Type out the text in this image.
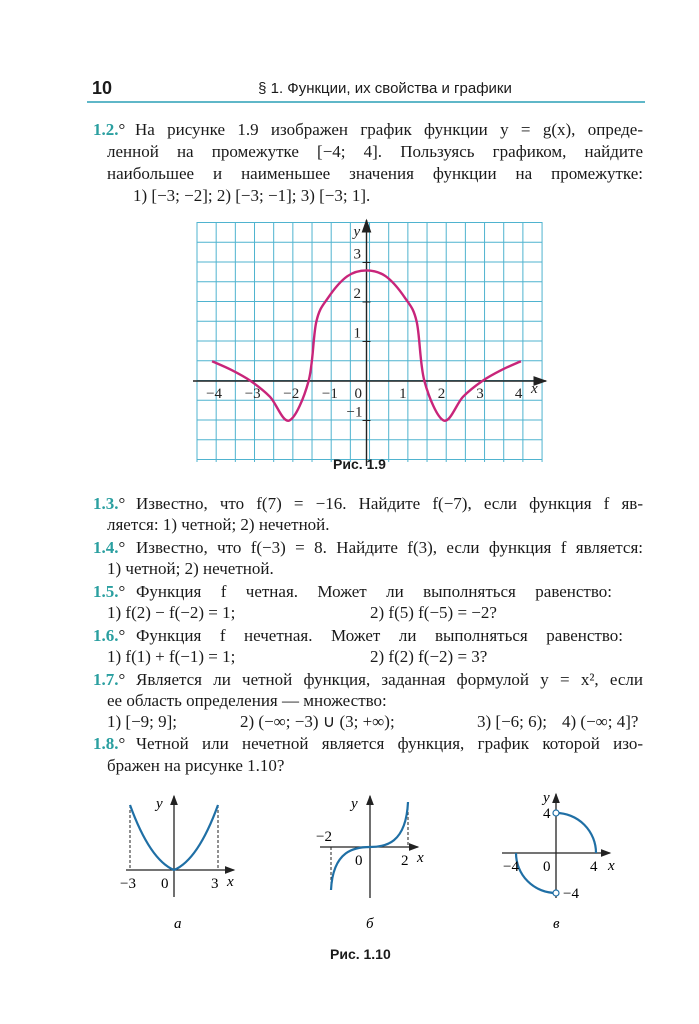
10	§ 1. Функции, их свойства и графики
1.2.° На рисунке 1.9 изображен график функции y = g(x), опреде-
ленной на промежутке [−4; 4]. Пользуясь графиком, найдите
наибольшее и наименьшее значения функции на промежутке:
1) [−3; −2]; 2) [−3; −1]; 3) [−3; 1].
−4 −3 −2 −1 0 1 2 3 4
3
2
1
−1
x
y
Рис. 1.9
1.3.° Известно, что f(7) = −16. Найдите f(−7), если функция f яв-
ляется: 1) четной; 2) нечетной.
1.4.° Известно, что f(−3) = 8. Найдите f(3), если функция f является:
1) четной; 2) нечетной.
1.5.° Функция f четная. Может ли выполняться равенство:
1) f(2) − f(−2) = 1;	2) f(5) f(−5) = −2?
1.6.° Функция f нечетная. Может ли выполняться равенство:
1) f(1) + f(−1) = 1;	2) f(2) f(−2) = 3?
1.7.° Является ли четной функция, заданная формулой y = x², если
ее область определения — множество:
1) [−9; 9];	2) (−∞; −3) ∪ (3; +∞);	3) [−6; 6); 4) (−∞; 4]?
1.8.° Четной или нечетной является функция, график которой изо-
бражен на рисунке 1.10?
−3 0	3 x
y
а
−2
0	2 x
y
б
−4 0	4
4
−4
x
y
в
Рис. 1.10
